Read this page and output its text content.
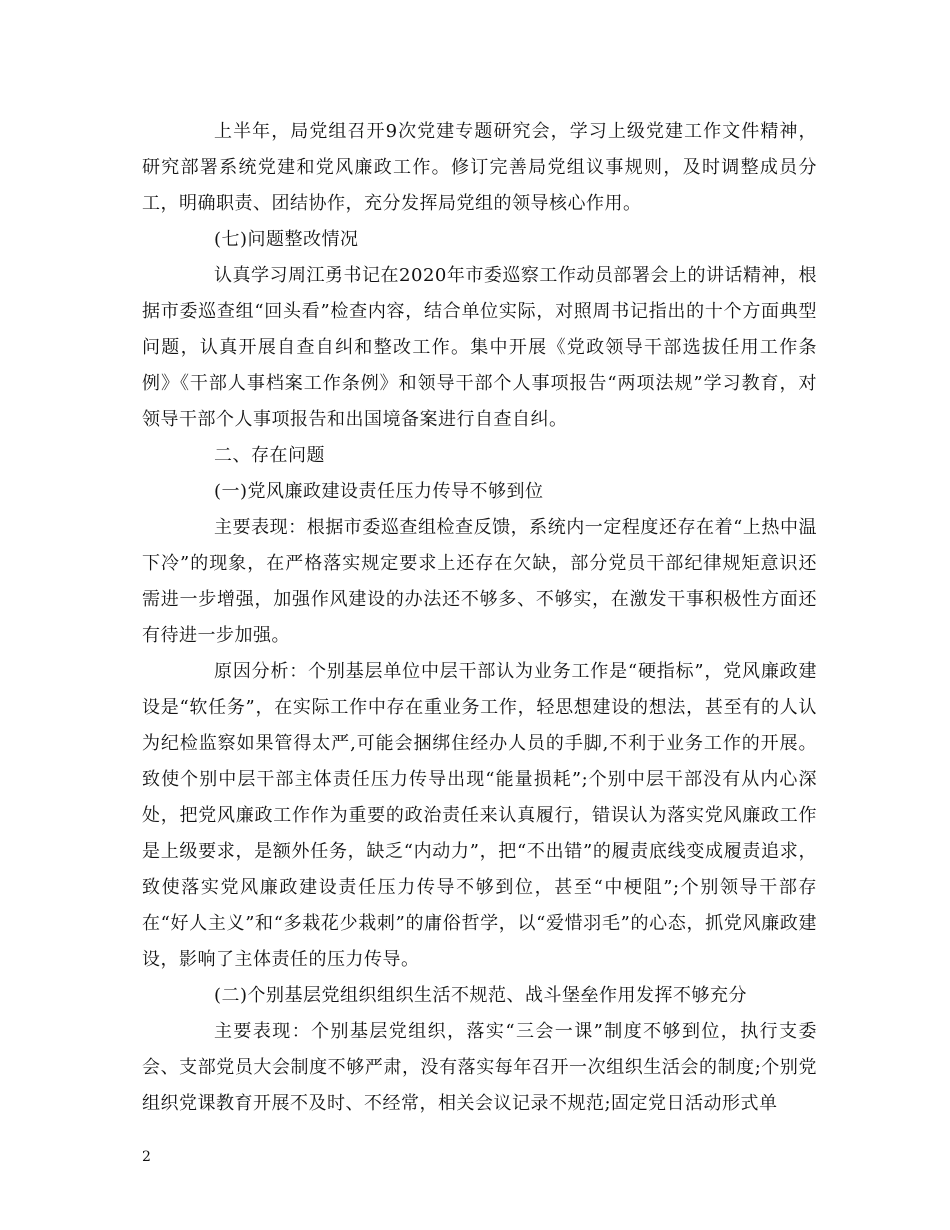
上半年，局党组召开9次党建专题研究会，学习上级党建工作文件精神，研究部署系统党建和党风廉政工作。修订完善局党组议事规则，及时调整成员分工，明确职责、团结协作，充分发挥局党组的领导核心作用。

(七)问题整改情况

认真学习周江勇书记在2020年市委巡察工作动员部署会上的讲话精神，根据市委巡查组“回头看”检查内容，结合单位实际，对照周书记指出的十个方面典型问题，认真开展自查自纠和整改工作。集中开展《党政领导干部选拔任用工作条例》《干部人事档案工作条例》和领导干部个人事项报告“两项法规”学习教育，对领导干部个人事项报告和出国境备案进行自查自纠。

二、存在问题

(一)党风廉政建设责任压力传导不够到位

主要表现：根据市委巡查组检查反馈，系统内一定程度还存在着“上热中温下冷”的现象，在严格落实规定要求上还存在欠缺，部分党员干部纪律规矩意识还需进一步增强，加强作风建设的办法还不够多、不够实，在激发干事积极性方面还有待进一步加强。

原因分析：个别基层单位中层干部认为业务工作是“硬指标”，党风廉政建设是“软任务”，在实际工作中存在重业务工作，轻思想建设的想法，甚至有的人认为纪检监察如果管得太严,可能会捆绑住经办人员的手脚,不利于业务工作的开展。致使个别中层干部主体责任压力传导出现“能量损耗”;个别中层干部没有从内心深处，把党风廉政工作作为重要的政治责任来认真履行，错误认为落实党风廉政工作是上级要求，是额外任务，缺乏“内动力”，把“不出错”的履责底线变成履责追求，致使落实党风廉政建设责任压力传导不够到位，甚至“中梗阻”;个别领导干部存在“好人主义”和“多栽花少栽刺”的庸俗哲学，以“爱惜羽毛”的心态，抓党风廉政建设，影响了主体责任的压力传导。

(二)个别基层党组织组织生活不规范、战斗堡垒作用发挥不够充分

主要表现：个别基层党组织，落实“三会一课”制度不够到位，执行支委会、支部党员大会制度不够严肃，没有落实每年召开一次组织生活会的制度;个别党组织党课教育开展不及时、不经常，相关会议记录不规范;固定党日活动形式单

2
